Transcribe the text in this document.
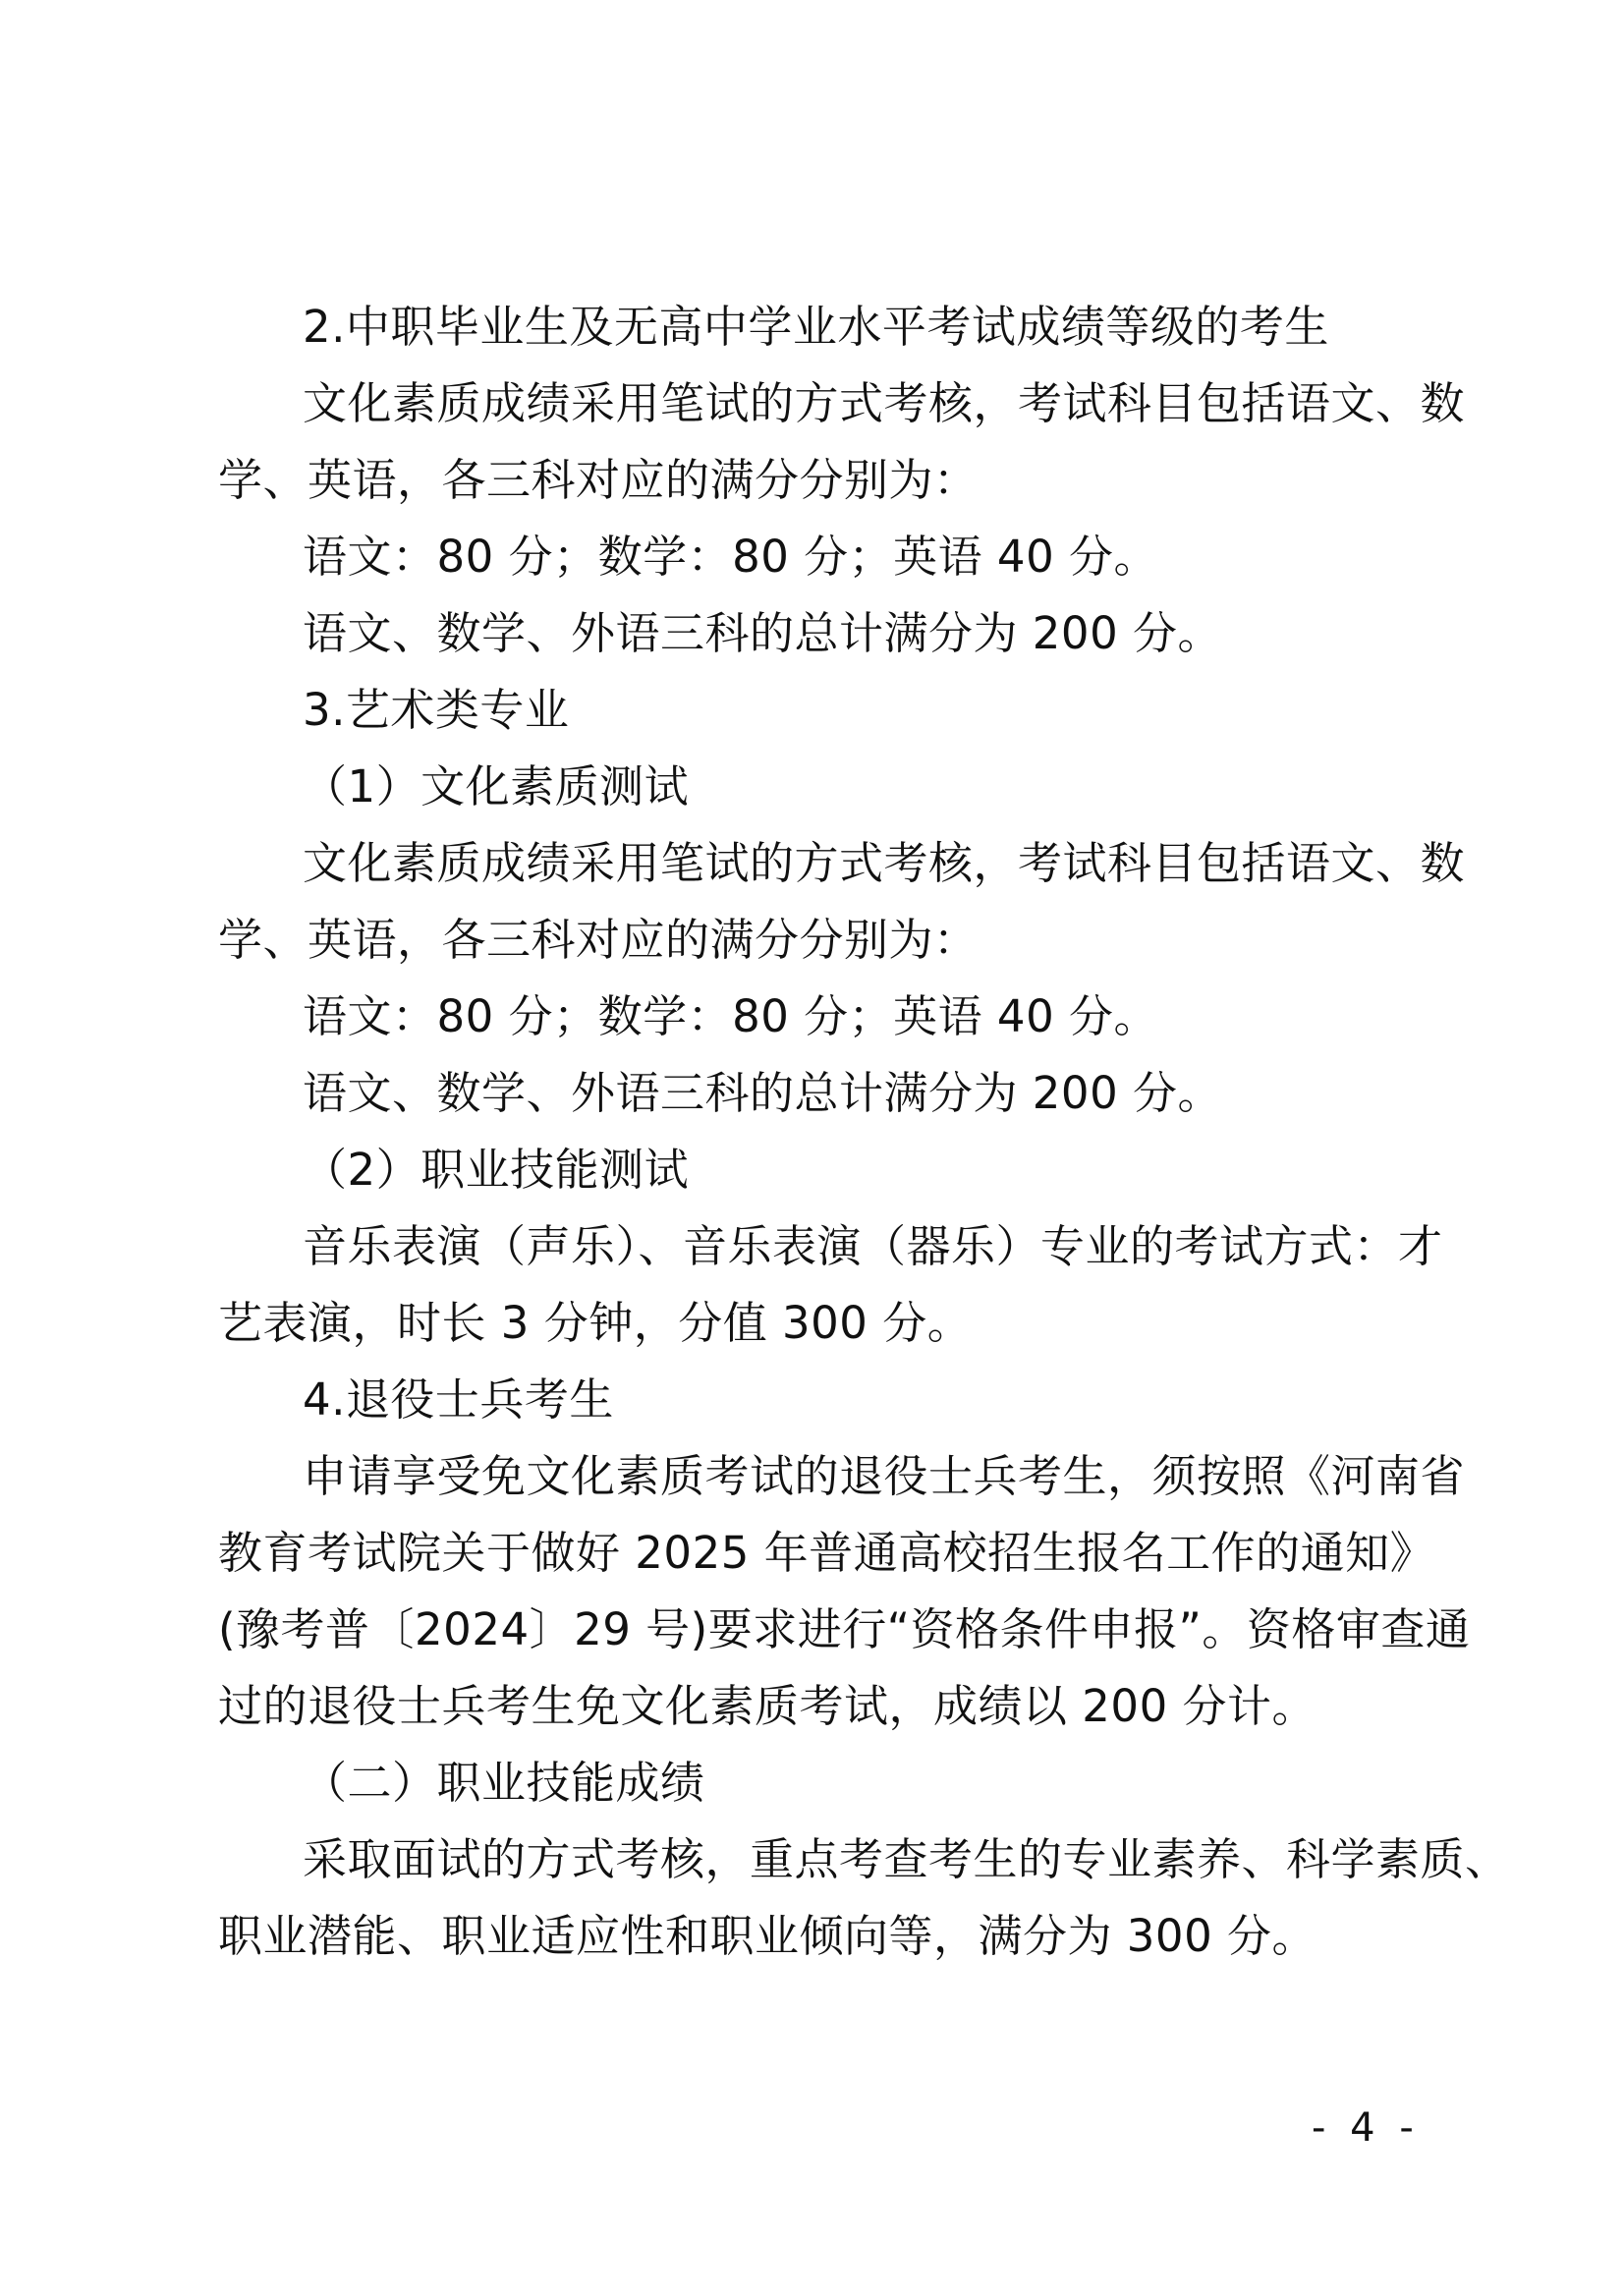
2.中职毕业生及无高中学业水平考试成绩等级的考生
文化素质成绩采用笔试的方式考核，考试科目包括语文、数
学、英语，各三科对应的满分分别为：
语文：80 分；数学：80 分；英语 40 分。
语文、数学、外语三科的总计满分为 200 分。
3.艺术类专业
（1）文化素质测试
文化素质成绩采用笔试的方式考核，考试科目包括语文、数
学、英语，各三科对应的满分分别为：
语文：80 分；数学：80 分；英语 40 分。
语文、数学、外语三科的总计满分为 200 分。
（2）职业技能测试
音乐表演（声乐）、音乐表演（器乐）专业的考试方式：才
艺表演，时长 3 分钟，分值 300 分。
4.退役士兵考生
申请享受免文化素质考试的退役士兵考生，须按照《河南省
教育考试院关于做好 2025 年普通高校招生报名工作的通知》
(豫考普〔2024〕29 号)要求进行“资格条件申报”。资格审查通
过的退役士兵考生免文化素质考试，成绩以 200 分计。
（二）职业技能成绩
采取面试的方式考核，重点考查考生的专业素养、科学素质、
职业潜能、职业适应性和职业倾向等，满分为 300 分。
- 4 -
